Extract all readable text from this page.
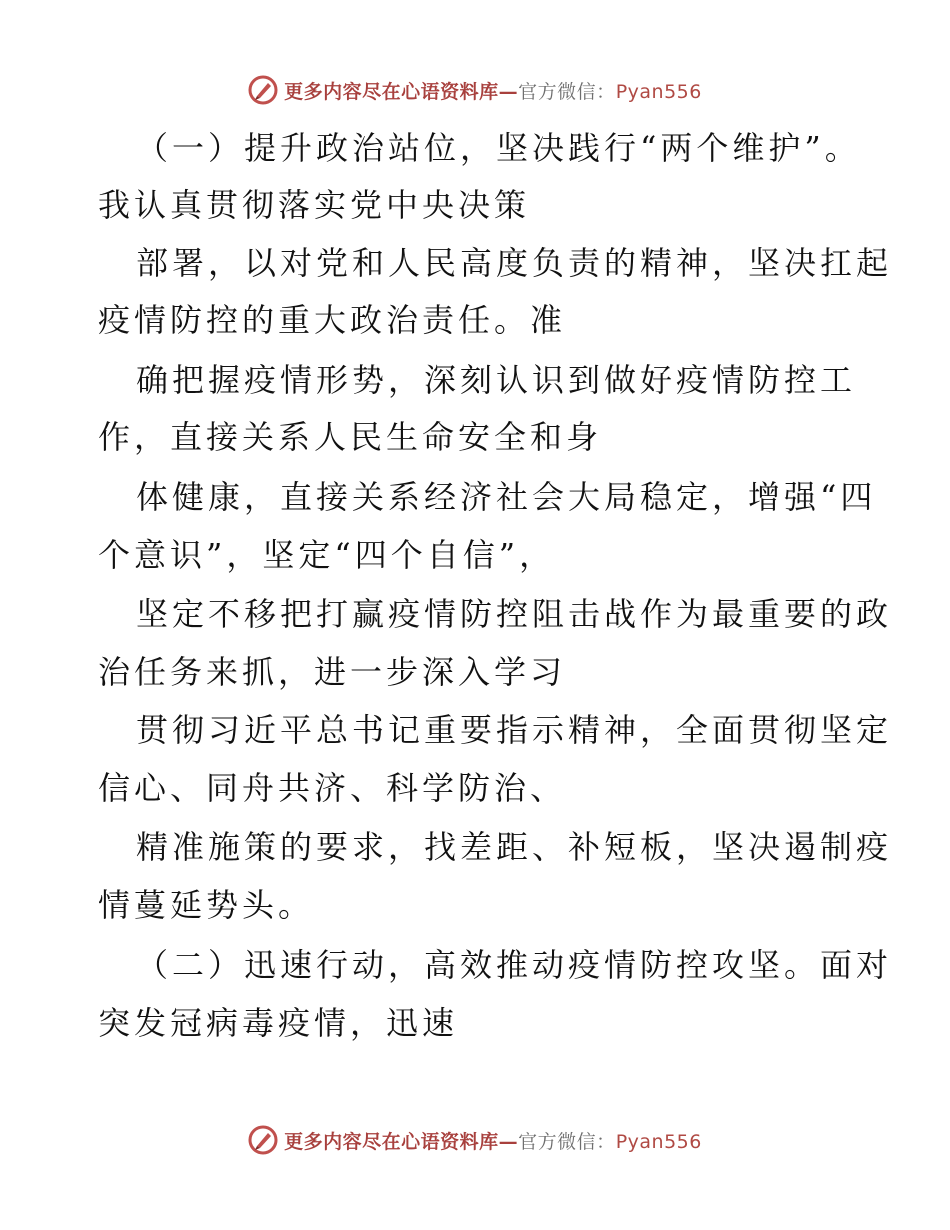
更多内容尽在心语资料库—官方微信：Pyan556
（一）提升政治站位，坚决践行“两个维护”。
我认真贯彻落实党中央决策
部署，以对党和人民高度负责的精神，坚决扛起
疫情防控的重大政治责任。准
确把握疫情形势，深刻认识到做好疫情防控工
作，直接关系人民生命安全和身
体健康，直接关系经济社会大局稳定，增强“四
个意识”，坚定“四个自信”，
坚定不移把打赢疫情防控阻击战作为最重要的政
治任务来抓，进一步深入学习
贯彻习近平总书记重要指示精神，全面贯彻坚定
信心、同舟共济、科学防治、
精准施策的要求，找差距、补短板，坚决遏制疫
情蔓延势头。
（二）迅速行动，高效推动疫情防控攻坚。面对
突发冠病毒疫情，迅速
更多内容尽在心语资料库—官方微信：Pyan556
